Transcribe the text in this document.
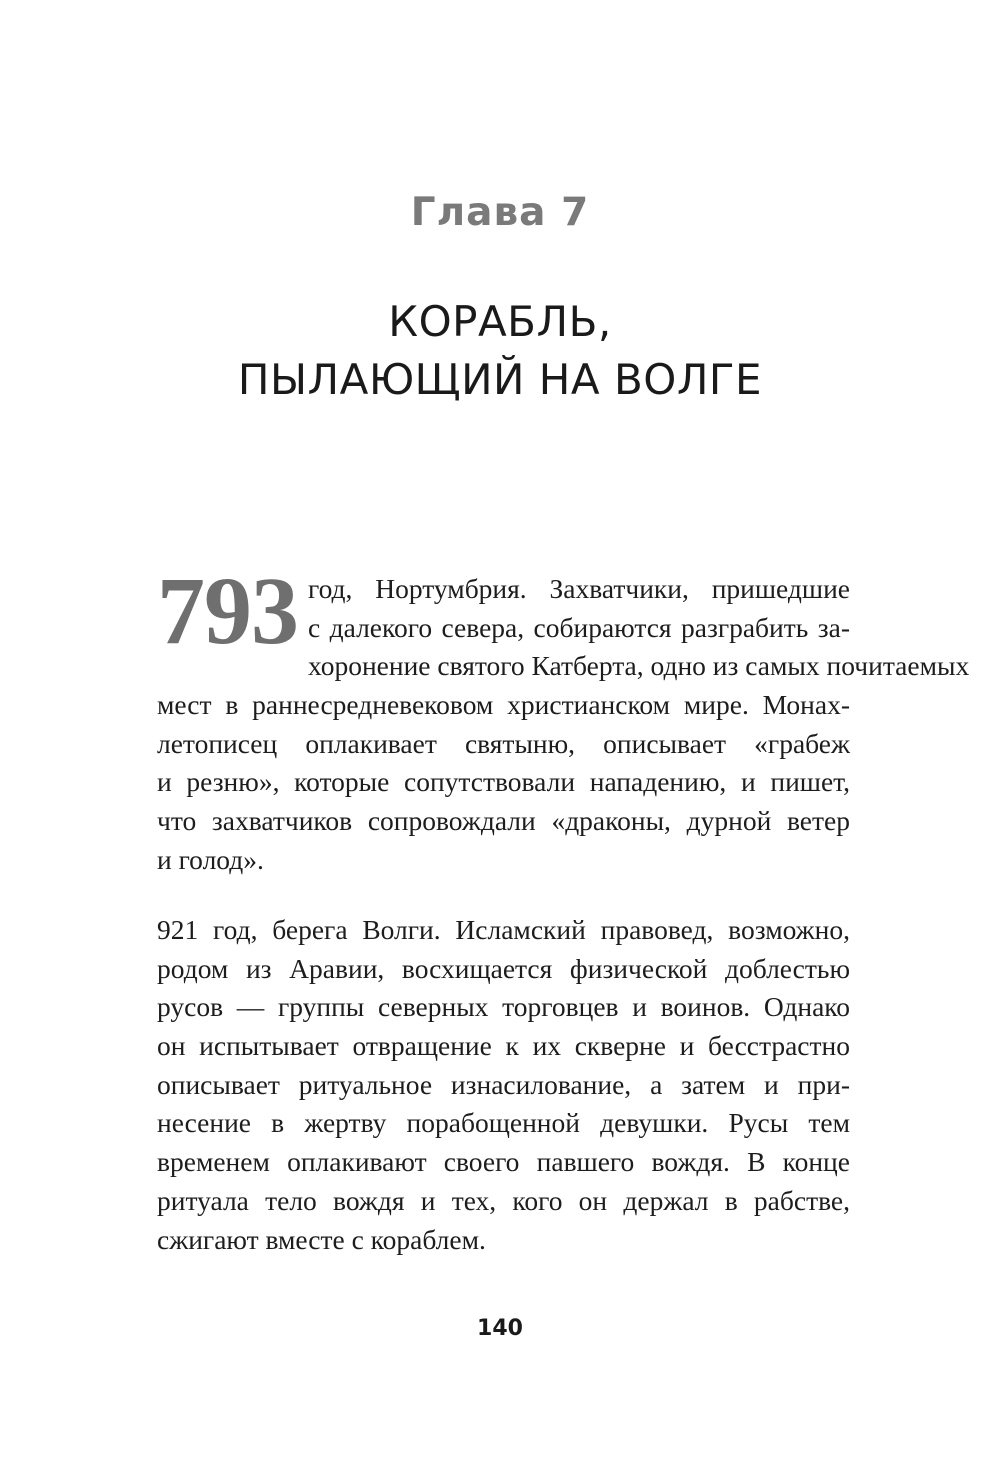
Глава 7
КОРАБЛЬ,
ПЫЛАЮЩИЙ НА ВОЛГЕ
793 год, Нортумбрия. Захватчики, пришедшие
с далекого севера, собираются разграбить за-
хоронение святого Катберта, одно из самых почитаемых
мест в раннесредневековом христианском мире. Монах-
летописец оплакивает святыню, описывает «грабеж
и резню», которые сопутствовали нападению, и пишет,
что захватчиков сопровождали «драконы, дурной ветер
и голод».
921 год, берега Волги. Исламский правовед, возможно,
родом из Аравии, восхищается физической доблестью
русов — группы северных торговцев и воинов. Однако
он испытывает отвращение к их скверне и бесстрастно
описывает ритуальное изнасилование, а затем и при-
несение в жертву порабощенной девушки. Русы тем
временем оплакивают своего павшего вождя. В конце
ритуала тело вождя и тех, кого он держал в рабстве,
сжигают вместе с кораблем.
140
